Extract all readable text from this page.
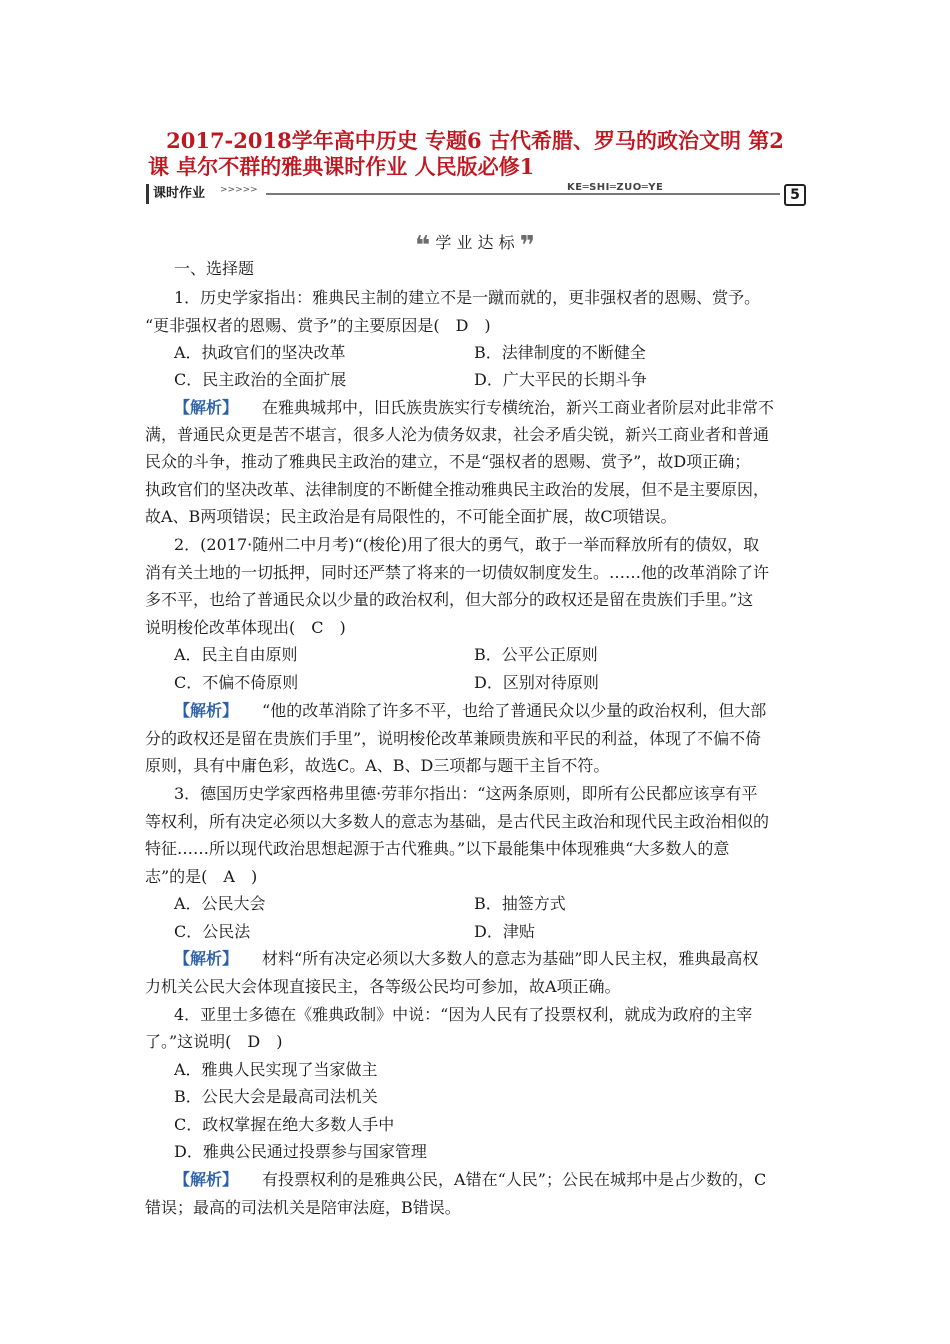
2017-2018学年高中历史 专题6 古代希腊、罗马的政治文明 第2
课 卓尔不群的雅典课时作业 人民版必修1
课时作业	>>>>>	KE═SHI═ZUO═YE	5
❝ 学 业 达 标 ❞
一、选择题
1．历史学家指出：雅典民主制的建立不是一蹴而就的，更非强权者的恩赐、赏予。
“更非强权者的恩赐、赏予”的主要原因是(　D　)
A．执政官们的坚决改革	B．法律制度的不断健全
C．民主政治的全面扩展	D．广大平民的长期斗争
【解析】　　 在雅典城邦中，旧氏族贵族实行专横统治，新兴工商业者阶层对此非常不
满，普通民众更是苦不堪言，很多人沦为债务奴隶，社会矛盾尖锐，新兴工商业者和普通
民众的斗争，推动了雅典民主政治的建立，不是“强权者的恩赐、赏予”，故D项正确；
执政官们的坚决改革、法律制度的不断健全推动雅典民主政治的发展，但不是主要原因，
故A、B两项错误；民主政治是有局限性的，不可能全面扩展，故C项错误。
2．(2017·随州二中月考)“(梭伦)用了很大的勇气，敢于一举而释放所有的债奴，取
消有关土地的一切抵押，同时还严禁了将来的一切债奴制度发生。……他的改革消除了许
多不平，也给了普通民众以少量的政治权利，但大部分的政权还是留在贵族们手里。”这
说明梭伦改革体现出(　C　)
A．民主自由原则	B．公平公正原则
C．不偏不倚原则	D．区别对待原则
【解析】　　 “他的改革消除了许多不平，也给了普通民众以少量的政治权利，但大部
分的政权还是留在贵族们手里”，说明梭伦改革兼顾贵族和平民的利益，体现了不偏不倚
原则，具有中庸色彩，故选C。A、B、D三项都与题干主旨不符。
3．德国历史学家西格弗里德·劳菲尔指出：“这两条原则，即所有公民都应该享有平
等权利，所有决定必须以大多数人的意志为基础，是古代民主政治和现代民主政治相似的
特征……所以现代政治思想起源于古代雅典。”以下最能集中体现雅典“大多数人的意
志”的是(　A　)
A．公民大会	B．抽签方式
C．公民法	D．津贴
【解析】　　 材料“所有决定必须以大多数人的意志为基础”即人民主权，雅典最高权
力机关公民大会体现直接民主，各等级公民均可参加，故A项正确。
4．亚里士多德在《雅典政制》中说：“因为人民有了投票权利，就成为政府的主宰
了。”这说明(　D　)
A．雅典人民实现了当家做主
B．公民大会是最高司法机关
C．政权掌握在绝大多数人手中
D．雅典公民通过投票参与国家管理
【解析】　　 有投票权利的是雅典公民，A错在“人民”；公民在城邦中是占少数的，C
错误；最高的司法机关是陪审法庭，B错误。
